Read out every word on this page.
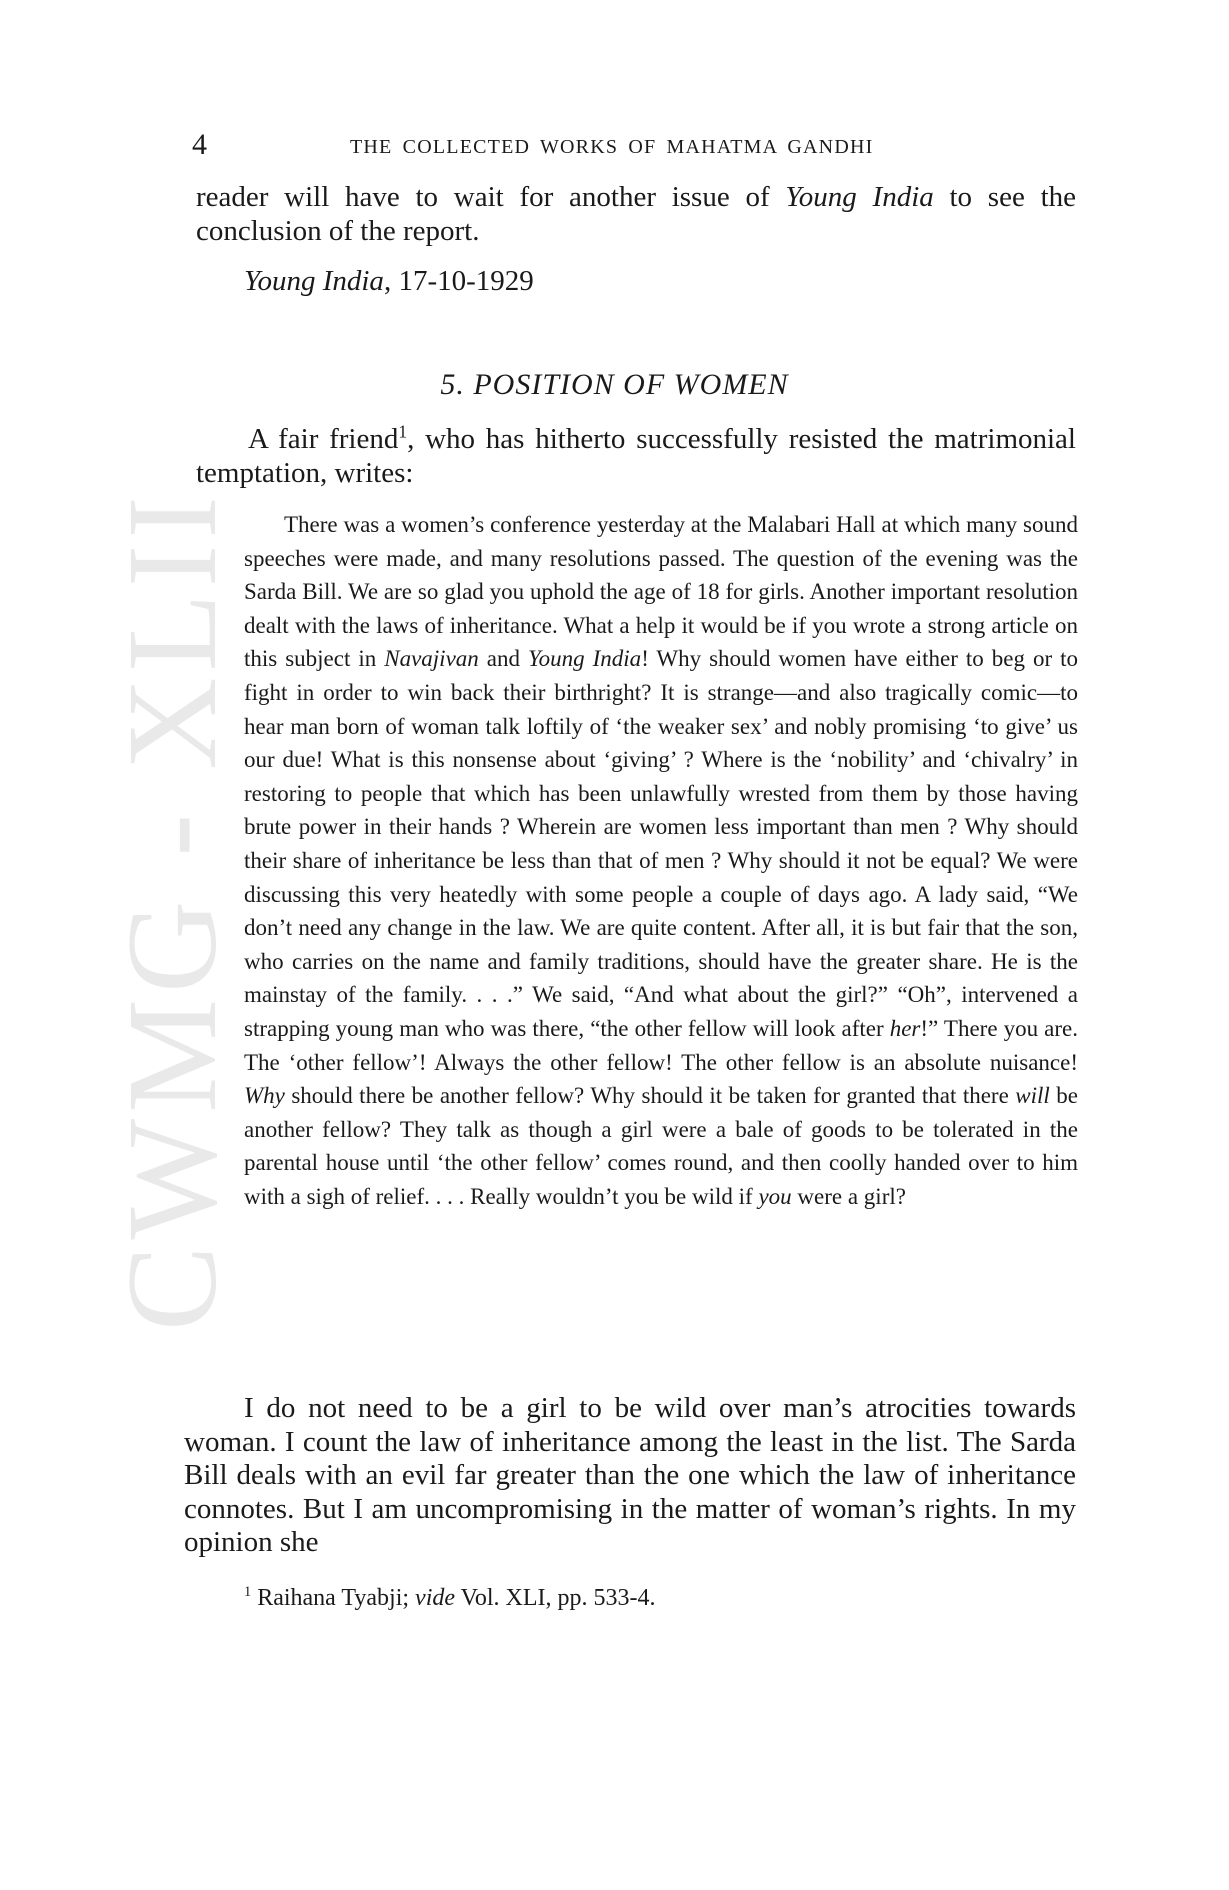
CWMG - XLII
4	THE COLLECTED WORKS OF MAHATMA GANDHI
reader will have to wait for another issue of Young India to see the conclusion of the report.
Young India, 17-10-1929
5. POSITION OF WOMEN

A fair friend$^1$, who has hitherto successfully resisted the matrimonial temptation, writes:

There was a women’s conference yesterday at the Malabari Hall at which many sound speeches were made, and many resolutions passed. The question of the evening was the Sarda Bill. We are so glad you uphold the age of 18 for girls. Another important resolution dealt with the laws of inheritance. What a help it would be if you wrote a strong article on this subject in Navajivan and Young India! Why should women have either to beg or to fight in order to win back their birthright? It is strange—and also tragically comic—to hear man born of woman talk loftily of ‘the weaker sex’ and nobly promising ‘to give’ us our due! What is this nonsense about ‘giving’ ? Where is the ‘nobility’ and ‘chivalry’ in restoring to people that which has been unlawfully wrested from them by those having brute power in their hands ? Wherein are women less important than men ? Why should their share of inheritance be less than that of men ? Why should it not be equal? We were discussing this very heatedly with some people a couple of days ago. A lady said, “We don’t need any change in the law. We are quite content. After all, it is but fair that the son, who carries on the name and family traditions, should have the greater share. He is the mainstay of the family. . . .” We said, “And what about the girl?” “Oh”, intervened a strapping young man who was there, “the other fellow will look after her!” There you are. The ‘other fellow’! Always the other fellow! The other fellow is an absolute nuisance! Why should there be another fellow? Why should it be taken for granted that there will be another fellow? They talk as though a girl were a bale of goods to be tolerated in the parental house until ‘the other fellow’ comes round, and then coolly handed over to him with a sigh of relief. . . . Really wouldn’t you be wild if you were a girl?

I do not need to be a girl to be wild over man’s atrocities towards woman. I count the law of inheritance among the least in the list. The Sarda Bill deals with an evil far greater than the one which the law of inheritance connotes. But I am uncompromising in the matter of woman’s rights. In my opinion she

$^1$ Raihana Tyabji; vide Vol. XLI, pp. 533-4.
